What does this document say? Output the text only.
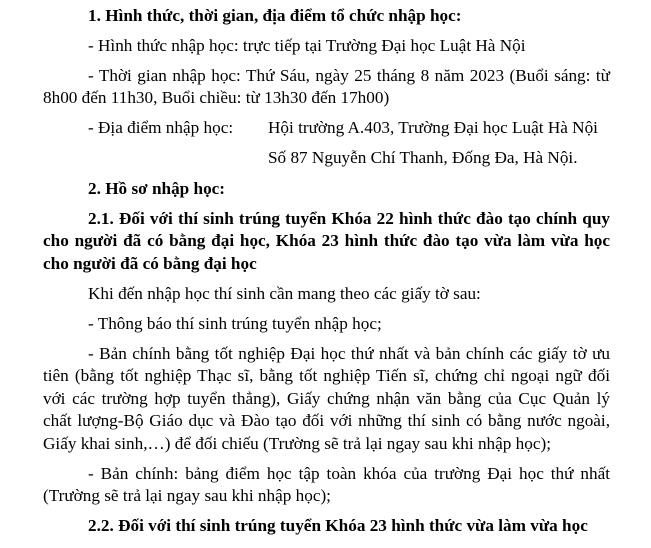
1. Hình thức, thời gian, địa điểm tổ chức nhập học:
- Hình thức nhập học: trực tiếp tại Trường Đại học Luật Hà Nội
- Thời gian nhập học: Thứ Sáu, ngày 25 tháng 8 năm 2023 (Buổi sáng: từ
8h00 đến 11h30, Buổi chiều: từ 13h30 đến 17h00)
- Địa điểm nhập học: Hội trường A.403, Trường Đại học Luật Hà Nội
Số 87 Nguyễn Chí Thanh, Đống Đa, Hà Nội.
2. Hồ sơ nhập học:
2.1. Đối với thí sinh trúng tuyển Khóa 22 hình thức đào tạo chính quy
cho người đã có bằng đại học, Khóa 23 hình thức đào tạo vừa làm vừa học
cho người đã có bằng đại học
Khi đến nhập học thí sinh cần mang theo các giấy tờ sau:
- Thông báo thí sinh trúng tuyển nhập học;
- Bản chính bằng tốt nghiệp Đại học thứ nhất và bản chính các giấy tờ ưu
tiên (bằng tốt nghiệp Thạc sĩ, bằng tốt nghiệp Tiến sĩ, chứng chỉ ngoại ngữ đối
với các trường hợp tuyển thẳng), Giấy chứng nhận văn bằng của Cục Quản lý
chất lượng-Bộ Giáo dục và Đào tạo đối với những thí sinh có bằng nước ngoài,
Giấy khai sinh,…) để đối chiếu (Trường sẽ trả lại ngay sau khi nhập học);
- Bản chính: bảng điểm học tập toàn khóa của trường Đại học thứ nhất
(Trường sẽ trả lại ngay sau khi nhập học);
2.2. Đối với thí sinh trúng tuyển Khóa 23 hình thức vừa làm vừa học
